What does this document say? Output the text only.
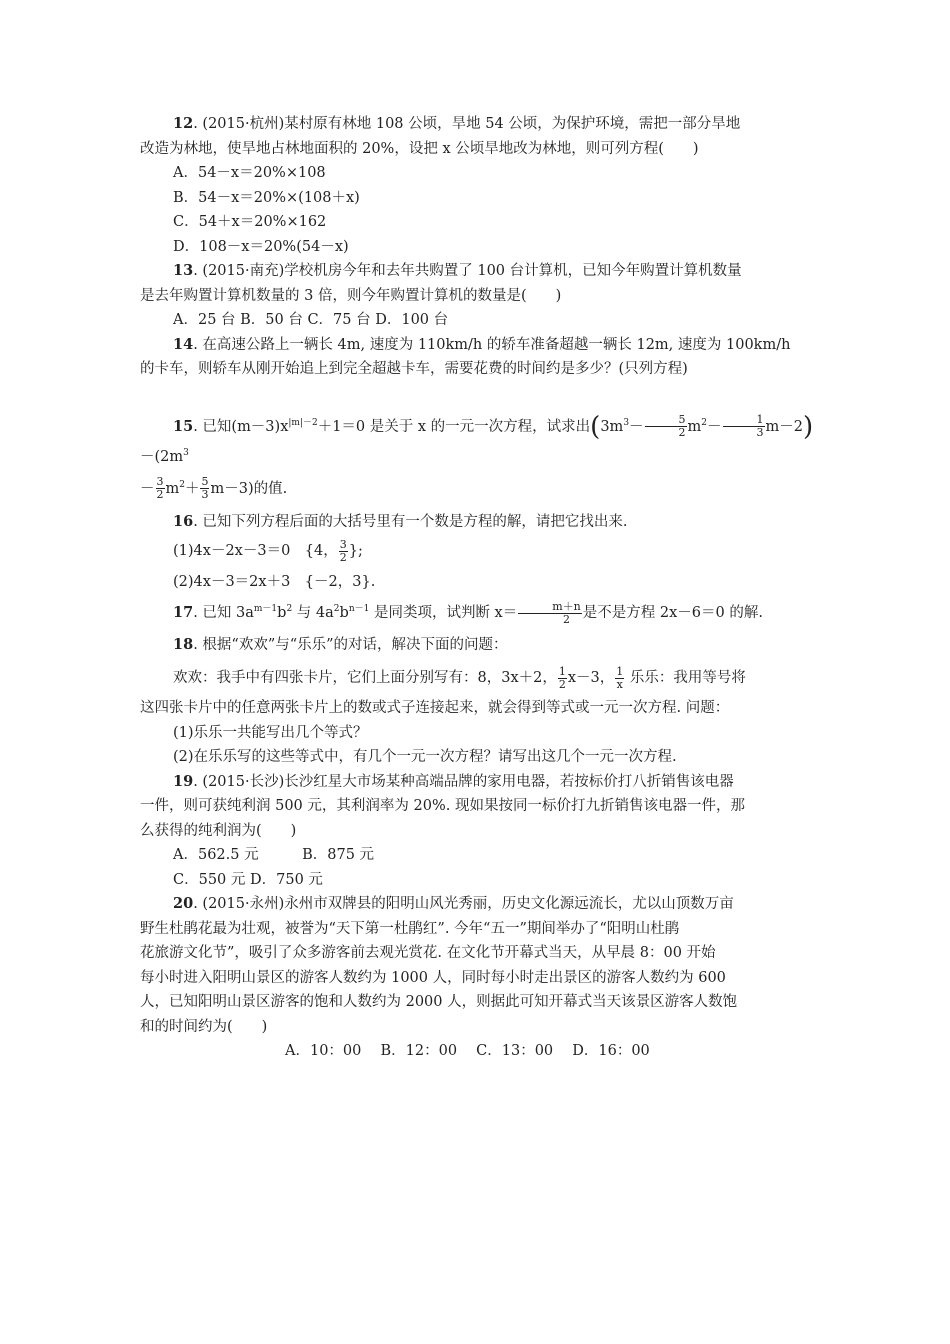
12. (2015·杭州)某村原有林地 108 公顷，旱地 54 公顷，为保护环境，需把一部分旱地

改造为林地，使旱地占林地面积的 20%，设把 x 公顷旱地改为林地，则可列方程(　　)

A．54－x＝20%×108

B．54－x＝20%×(108＋x)

C．54＋x＝20%×162

D．108－x＝20%(54－x)

13. (2015·南充)学校机房今年和去年共购置了 100 台计算机，已知今年购置计算机数量

是去年购置计算机数量的 3 倍，则今年购置计算机的数量是(　　)

A．25 台 B．50 台 C．75 台 D．100 台

14. 在高速公路上一辆长 4m, 速度为 110km/h 的轿车准备超越一辆长 12m, 速度为 100km/h

的卡车，则轿车从刚开始追上到完全超越卡车，需要花费的时间约是多少？(只列方程)

15. 已知$(m-3)x^{|m|-2}+1=0$ 是关于 x 的一元一次方程，试求出$(3m^3- \frac{5}{2} m^2- \frac{1}{3} m-2)-(2m^3$

－ $\frac{3}{2} m^2+ \frac{5}{3} m-3$)的值.

16. 已知下列方程后面的大括号里有一个数是方程的解，请把它找出来.

(1)4x－2x－3＝0　{4， $\frac{3}{2}$ };

(2)4x－3＝2x＋3　{－2，3}.

17. 已知 $3a^{m-1}b^2$ 与 $4a^2b^{n-1}$ 是同类项，试判断 $x= \frac{m+n}{2}$ 是不是方程 2x－6＝0 的解.

18. 根据“欢欢”与“乐乐”的对话，解决下面的问题：

欢欢：我手中有四张卡片，它们上面分别写有：8，3x＋2， $\frac{1}{2} x-3$， $\frac{1}{x}$ 乐乐：我用等号将

这四张卡片中的任意两张卡片上的数或式子连接起来，就会得到等式或一元一次方程. 问题：

(1)乐乐一共能写出几个等式？

(2)在乐乐写的这些等式中，有几个一元一次方程？请写出这几个一元一次方程.

19. (2015·长沙)长沙红星大市场某种高端品牌的家用电器，若按标价打八折销售该电器

一件，则可获纯利润 500 元，其利润率为 20%. 现如果按同一标价打九折销售该电器一件，那

么获得的纯利润为(　　)

A．562.5 元　　　B．875 元

C．550 元 D．750 元

20. (2015·永州)永州市双牌县的阳明山风光秀丽，历史文化源远流长，尤以山顶数万亩

野生杜鹃花最为壮观，被誉为“天下第一杜鹃红”. 今年“五一”期间举办了“阳明山杜鹃

花旅游文化节”，吸引了众多游客前去观光赏花. 在文化节开幕式当天，从早晨 8：00 开始

每小时进入阳明山景区的游客人数约为 1000 人，同时每小时走出景区的游客人数约为 600

人，已知阳明山景区游客的饱和人数约为 2000 人，则据此可知开幕式当天该景区游客人数饱

和的时间约为(　　)

A．10：00　 B．12：00　 C．13：00　 D．16：00
